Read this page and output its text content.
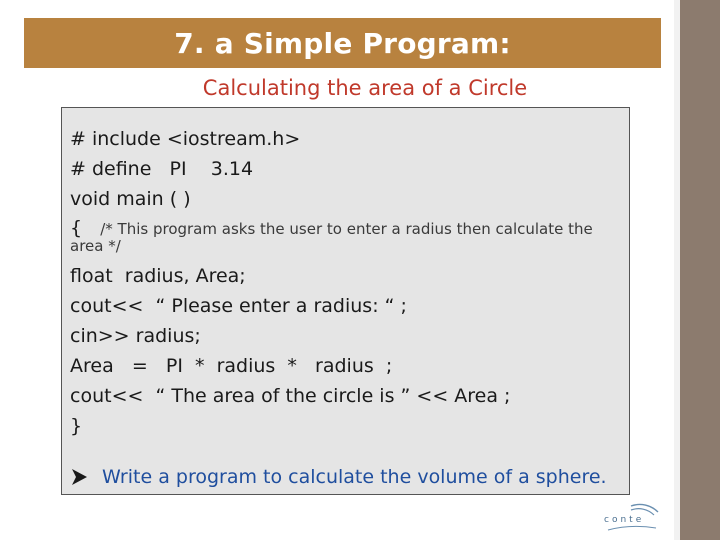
7. a Simple Program:
Calculating the area of a Circle
# include <iostream.h>
# define   PI    3.14
void main ( )
{ /* This program asks the user to enter a radius then calculate the
area */
float  radius, Area;
cout<<  “ Please enter a radius: “ ;
cin>> radius;
Area   =   PI  *  radius  *   radius  ;
cout<<  “ The area of the circle is ” << Area ;
}
Write a program to calculate the volume of a sphere.
conte
